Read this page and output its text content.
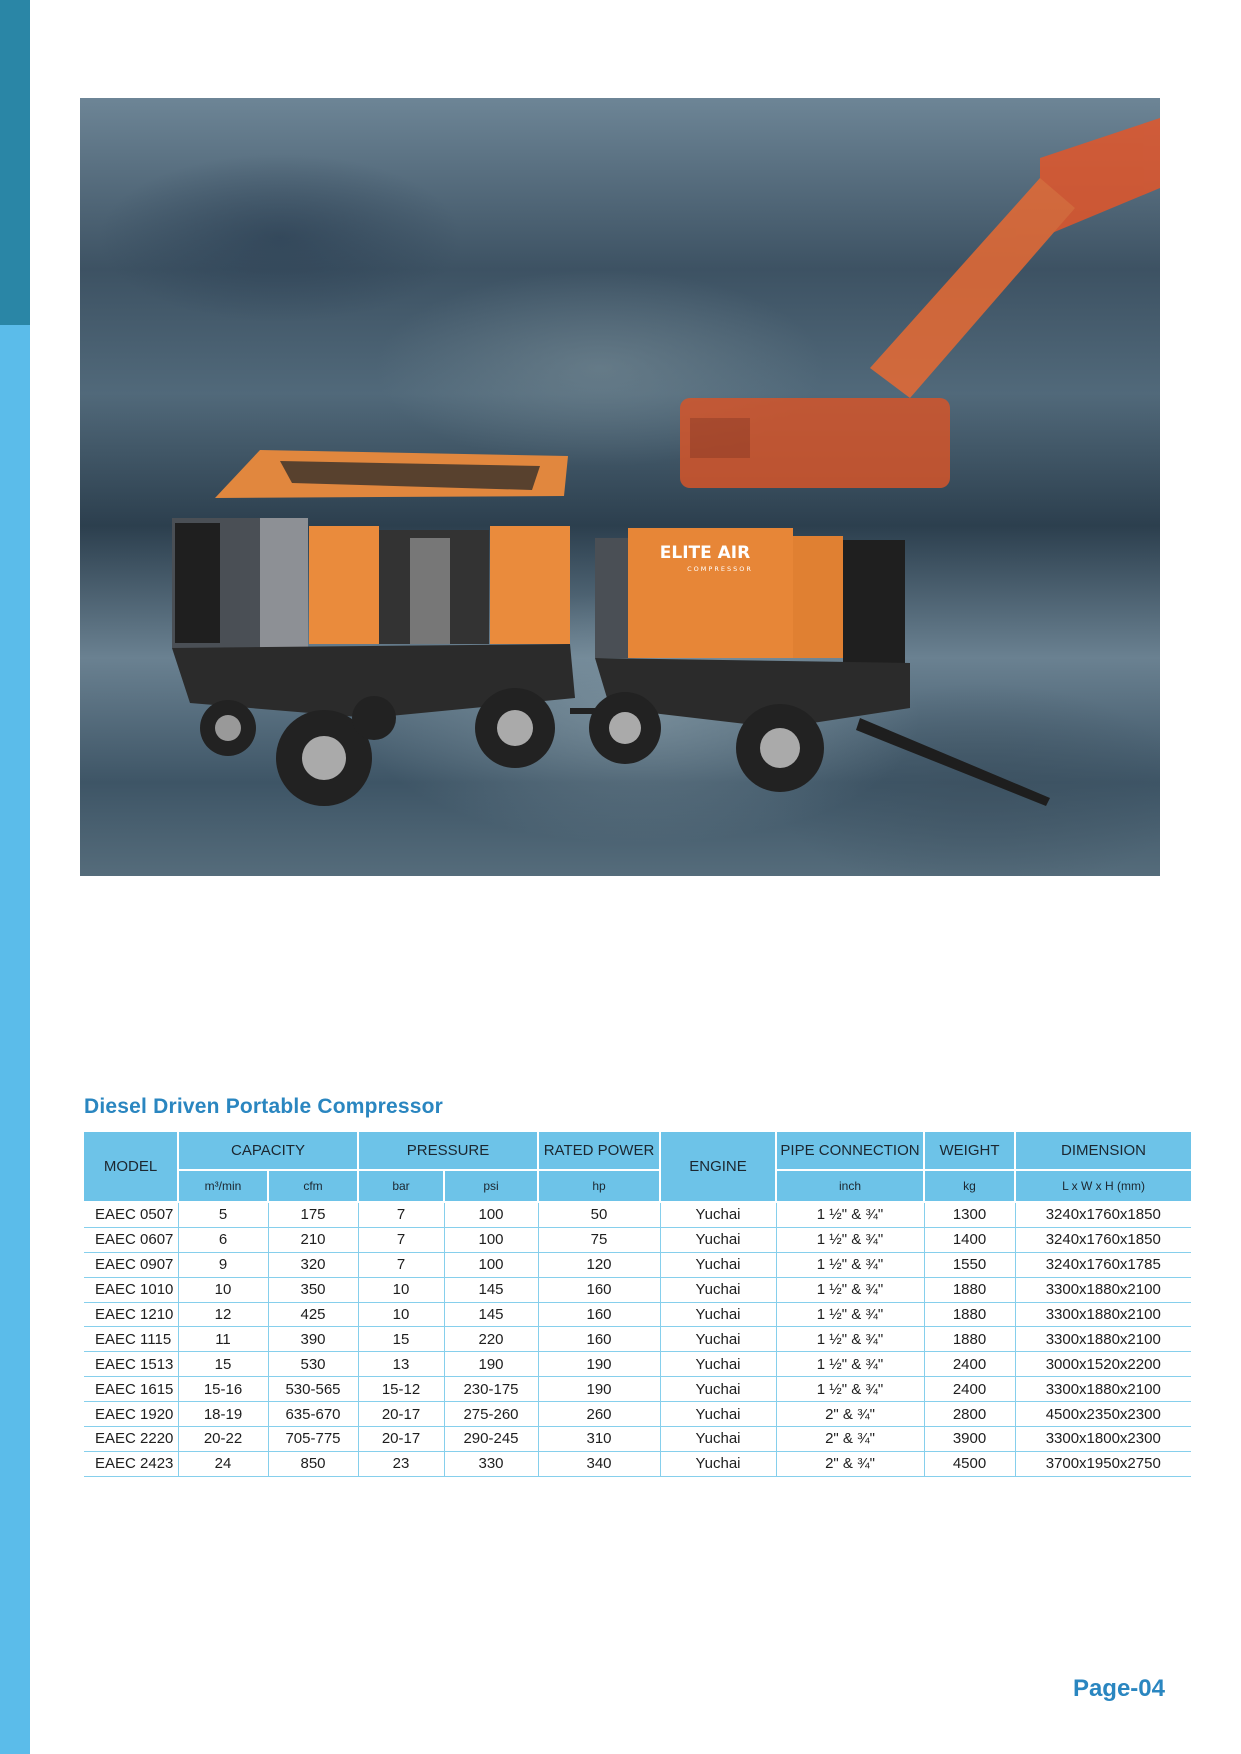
ELITE AIR
COMPRESSOR
Diesel Driven Portable Compressor
MODEL	CAPACITY		PRESSURE		RATED POWER	ENGINE	PIPE CONNECTION	WEIGHT	DIMENSION
	m³/min	cfm	bar	psi	hp		inch	kg	L x W x H (mm)
EAEC 0507	5	175	7	100	50	Yuchai	1 ½" & ¾"	1300	3240x1760x1850
EAEC 0607	6	210	7	100	75	Yuchai	1 ½" & ¾"	1400	3240x1760x1850
EAEC 0907	9	320	7	100	120	Yuchai	1 ½" & ¾"	1550	3240x1760x1785
EAEC 1010	10	350	10	145	160	Yuchai	1 ½" & ¾"	1880	3300x1880x2100
EAEC 1210	12	425	10	145	160	Yuchai	1 ½" & ¾"	1880	3300x1880x2100
EAEC 1115	11	390	15	220	160	Yuchai	1 ½" & ¾"	1880	3300x1880x2100
EAEC 1513	15	530	13	190	190	Yuchai	1 ½" & ¾"	2400	3000x1520x2200
EAEC 1615	15-16	530-565	15-12	230-175	190	Yuchai	1 ½" & ¾"	2400	3300x1880x2100
EAEC 1920	18-19	635-670	20-17	275-260	260	Yuchai	2" & ¾"	2800	4500x2350x2300
EAEC 2220	20-22	705-775	20-17	290-245	310	Yuchai	2" & ¾"	3900	3300x1800x2300
EAEC 2423	24	850	23	330	340	Yuchai	2" & ¾"	4500	3700x1950x2750
Page-04
